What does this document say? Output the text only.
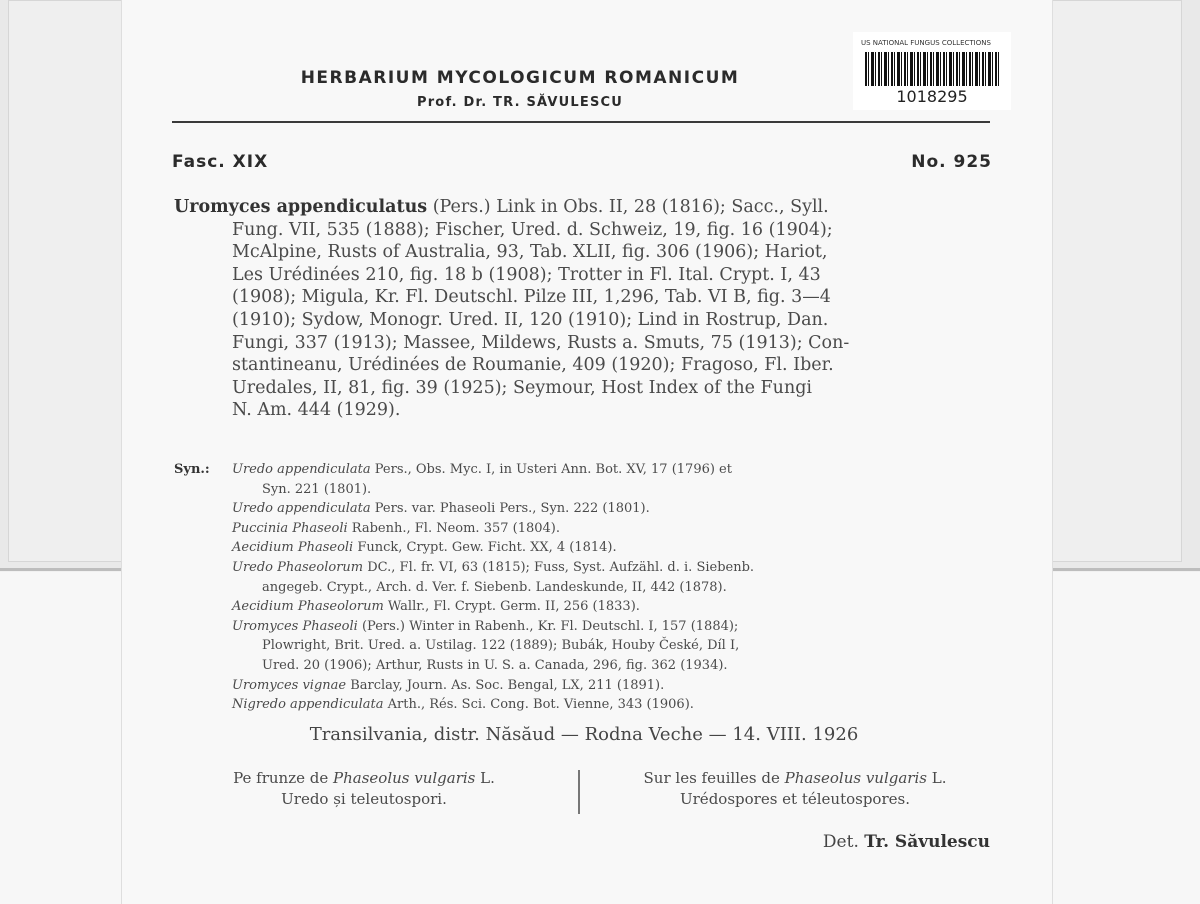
US NATIONAL FUNGUS COLLECTIONS
1018295
HERBARIUM MYCOLOGICUM ROMANICUM
Prof. Dr. TR. SĂVULESCU
Fasc. XIX	No. 925
Uromyces appendiculatus (Pers.) Link in Obs. II, 28 (1816); Sacc., Syll.
Fung. VII, 535 (1888); Fischer, Ured. d. Schweiz, 19, fig. 16 (1904);
McAlpine, Rusts of Australia, 93, Tab. XLII, fig. 306 (1906); Hariot,
Les Urédinées 210, fig. 18 b (1908); Trotter in Fl. Ital. Crypt. I, 43
(1908); Migula, Kr. Fl. Deutschl. Pilze III, 1,296, Tab. VI B, fig. 3—4
(1910); Sydow, Monogr. Ured. II, 120 (1910); Lind in Rostrup, Dan.
Fungi, 337 (1913); Massee, Mildews, Rusts a. Smuts, 75 (1913); Con-
stantineanu, Urédinées de Roumanie, 409 (1920); Fragoso, Fl. Iber.
Uredales, II, 81, fig. 39 (1925); Seymour, Host Index of the Fungi
N. Am. 444 (1929).
Syn.:	Uredo appendiculata Pers., Obs. Myc. I, in Usteri Ann. Bot. XV, 17 (1796) et
Syn. 221 (1801).
Uredo appendiculata Pers. var. Phaseoli Pers., Syn. 222 (1801).
Puccinia Phaseoli Rabenh., Fl. Neom. 357 (1804).
Aecidium Phaseoli Funck, Crypt. Gew. Ficht. XX, 4 (1814).
Uredo Phaseolorum DC., Fl. fr. VI, 63 (1815); Fuss, Syst. Aufzähl. d. i. Siebenb.
angegeb. Crypt., Arch. d. Ver. f. Siebenb. Landeskunde, II, 442 (1878).
Aecidium Phaseolorum Wallr., Fl. Crypt. Germ. II, 256 (1833).
Uromyces Phaseoli (Pers.) Winter in Rabenh., Kr. Fl. Deutschl. I, 157 (1884);
Plowright, Brit. Ured. a. Ustilag. 122 (1889); Bubák, Houby České, Díl I,
Ured. 20 (1906); Arthur, Rusts in U. S. a. Canada, 296, fig. 362 (1934).
Uromyces vignae Barclay, Journ. As. Soc. Bengal, LX, 211 (1891).
Nigredo appendiculata Arth., Rés. Sci. Cong. Bot. Vienne, 343 (1906).
Transilvania, distr. Năsăud — Rodna Veche — 14. VIII. 1926
Pe frunze de Phaseolus vulgaris L.
Uredo și teleutospori.
Sur les feuilles de Phaseolus vulgaris L.
Urédospores et téleutospores.
Det. Tr. Săvulescu
